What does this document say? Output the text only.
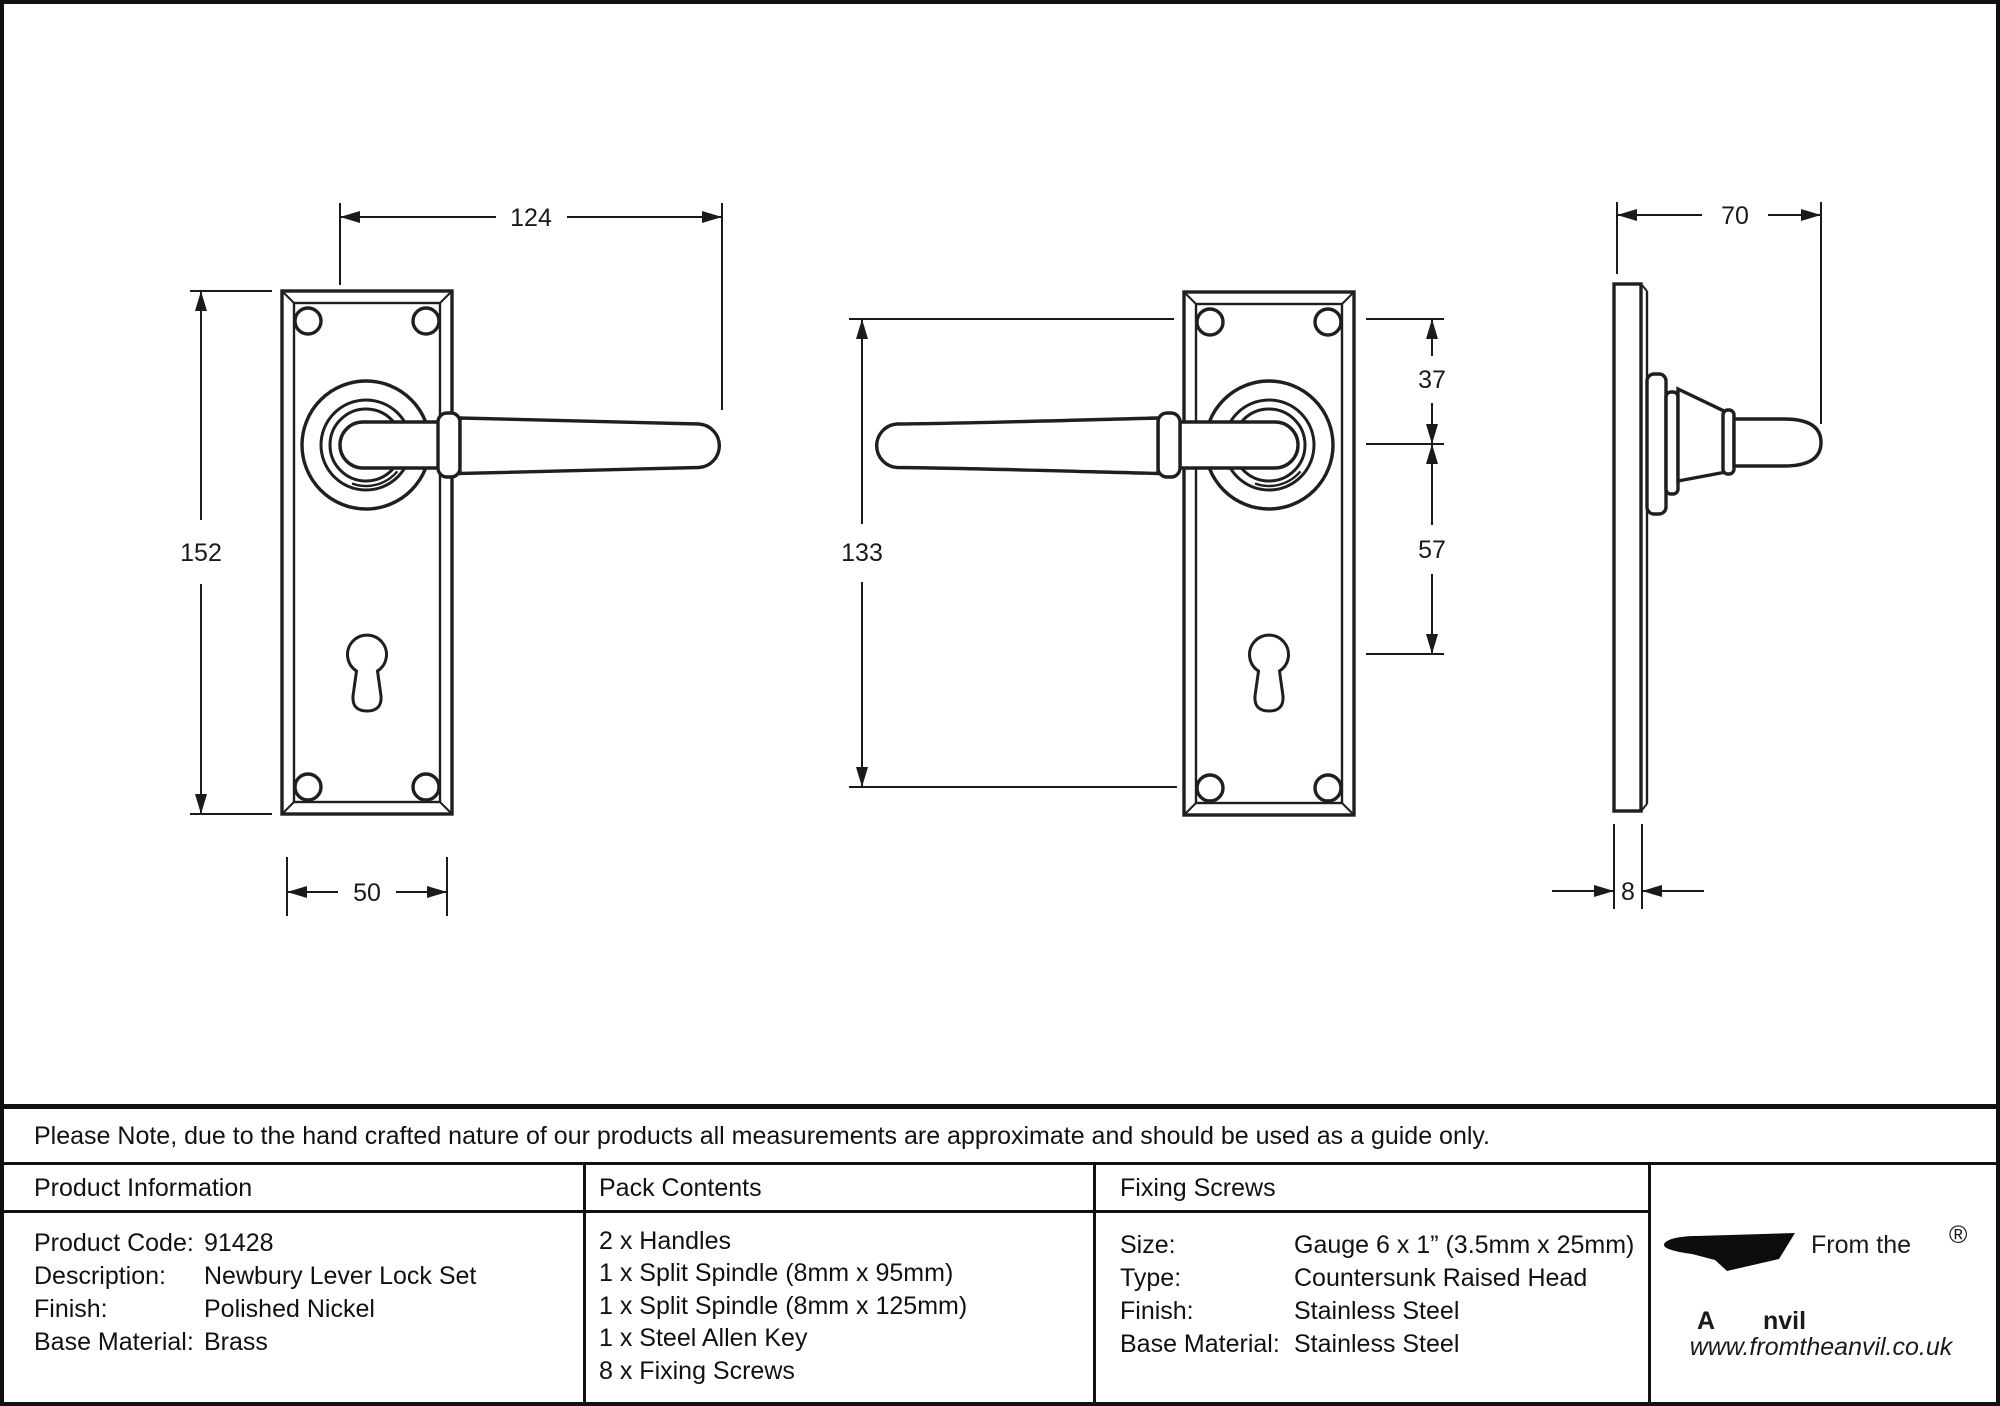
124
152
50
133
37
57
70
8
Please Note, due to the hand crafted nature of our products all measurements are approximate and should be used as a guide only.
Product Information	Pack Contents	Fixing Screws
Product Code: 91428
Description: Newbury Lever Lock Set
Finish:	Polished Nickel
Base Material: Brass
2 x Handles
1 x Split Spindle (8mm x 95mm)
1 x Split Spindle (8mm x 125mm)
1 x Steel Allen Key
8 x Fixing Screws
Size:	Gauge 6 x 1” (3.5mm x 25mm)
Type:	Countersunk Raised Head
Finish:	Stainless Steel
Base Material: Stainless Steel
A nvil
From the ®
www.fromtheanvil.co.uk
